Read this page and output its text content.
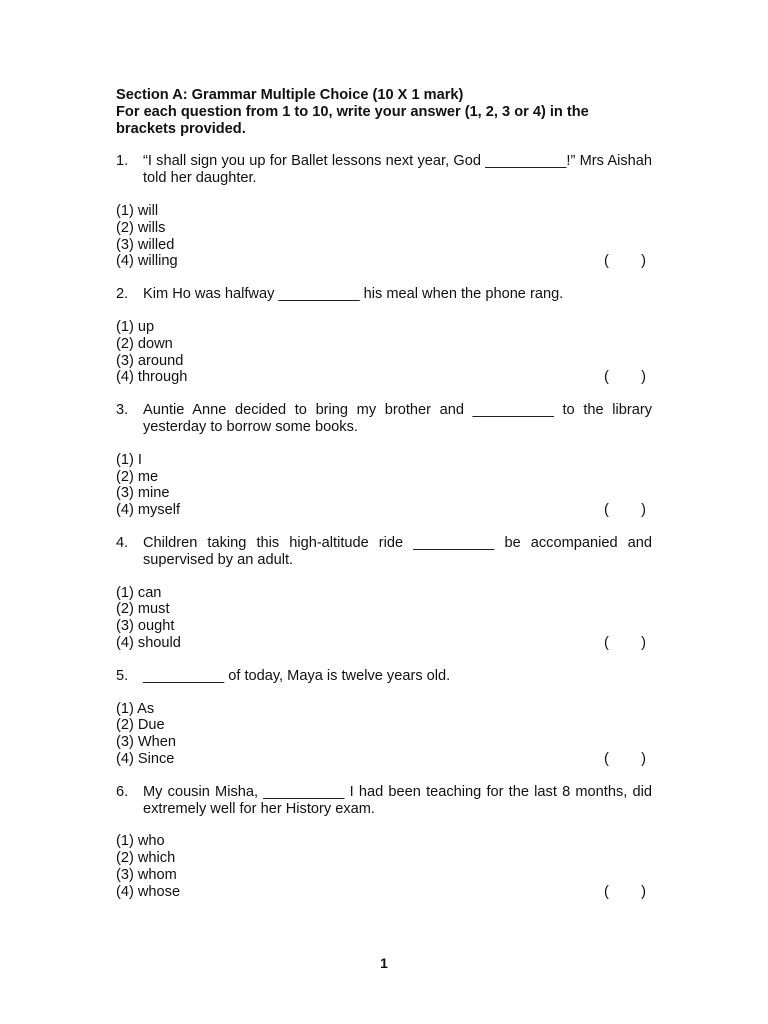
Section A: Grammar Multiple Choice (10 X 1 mark)
For each question from 1 to 10, write your answer (1, 2, 3 or 4) in the
brackets provided.
1.	“I shall sign you up for Ballet lessons next year, God __________!” Mrs Aishah told her daughter.
(1) will
(2) wills
(3) willed
(4) willing	( )
2.	Kim Ho was halfway __________ his meal when the phone rang.
(1) up
(2) down
(3) around
(4) through	( )
3.	Auntie Anne decided to bring my brother and __________ to the library yesterday to borrow some books.
(1) I
(2) me
(3) mine
(4) myself	( )
4.	Children taking this high-altitude ride __________ be accompanied and supervised by an adult.
(1) can
(2) must
(3) ought
(4) should	( )
5.	__________ of today, Maya is twelve years old.
(1) As
(2) Due
(3) When
(4) Since	( )
6.	My cousin Misha, __________ I had been teaching for the last 8 months, did extremely well for her History exam.
(1) who
(2) which
(3) whom
(4) whose	( )
1
